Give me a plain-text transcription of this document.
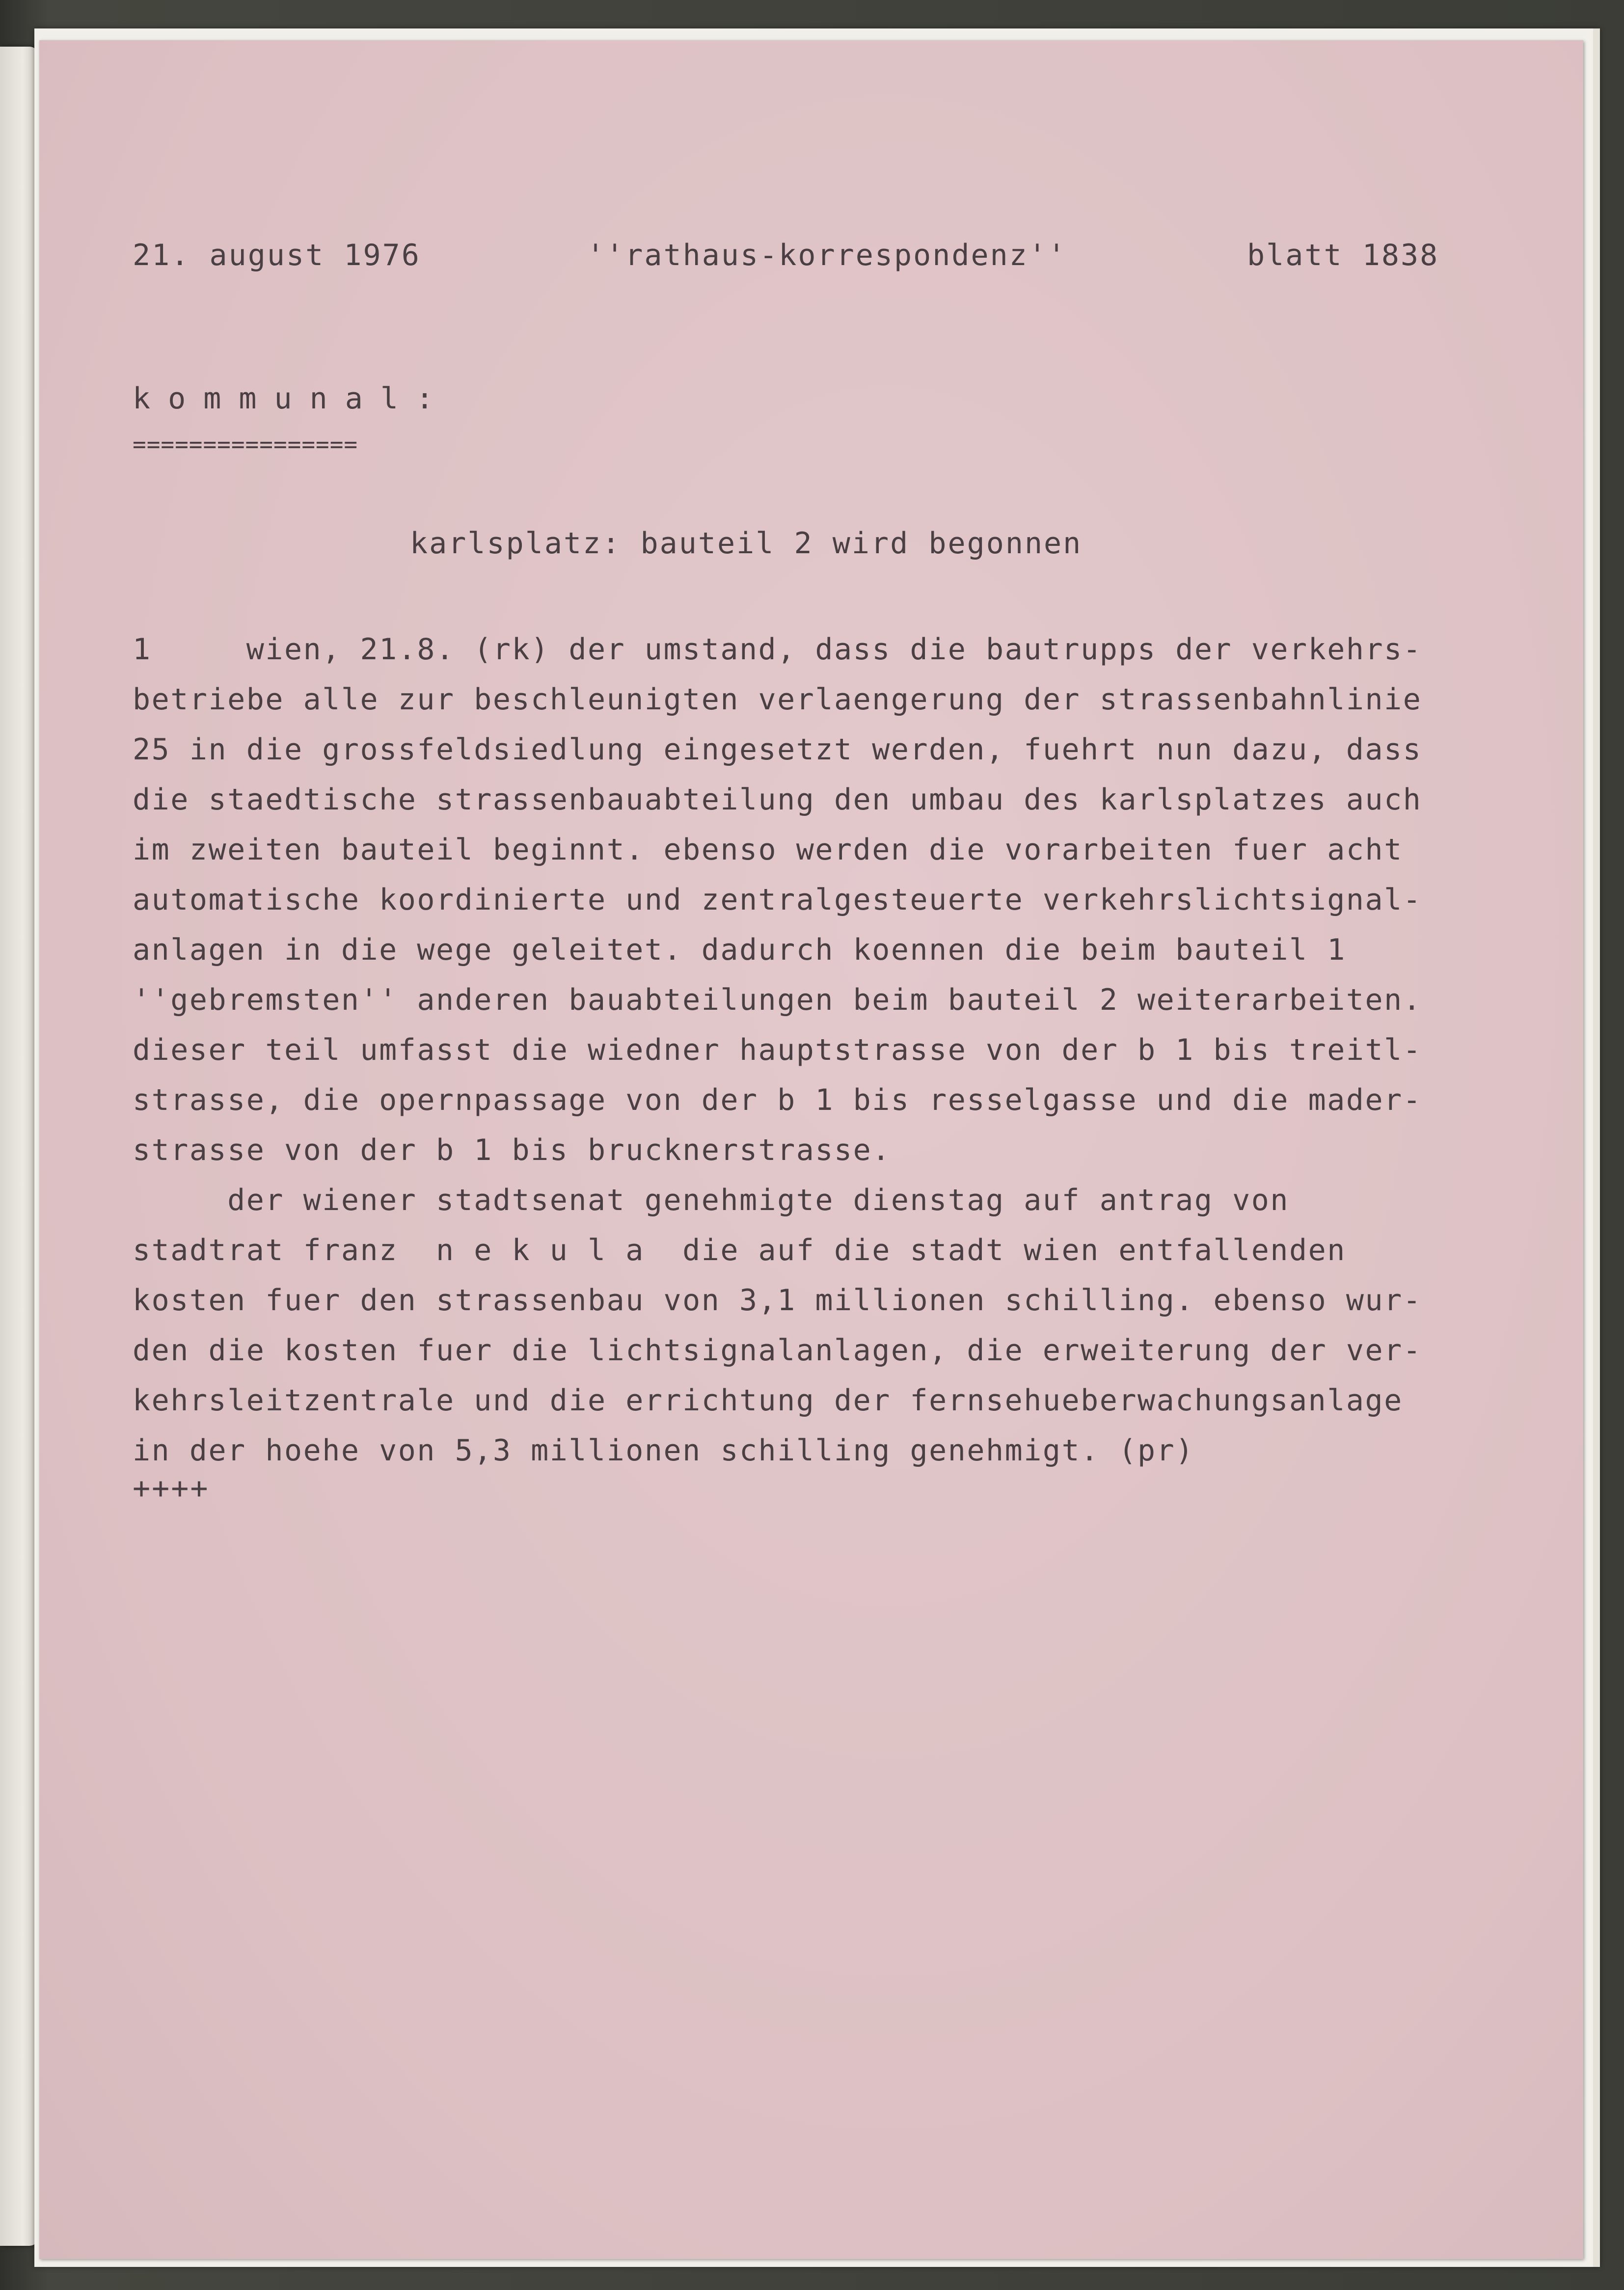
21. august 1976	''rathaus-korrespondenz''	blatt 1838
kommunal:
================
karlsplatz: bauteil 2 wird begonnen
1     wien, 21.8. (rk) der umstand, dass die bautrupps der verkehrs-
betriebe alle zur beschleunigten verlaengerung der strassenbahnlinie
25 in die grossfeldsiedlung eingesetzt werden, fuehrt nun dazu, dass
die staedtische strassenbauabteilung den umbau des karlsplatzes auch
im zweiten bauteil beginnt. ebenso werden die vorarbeiten fuer acht
automatische koordinierte und zentralgesteuerte verkehrslichtsignal-
anlagen in die wege geleitet. dadurch koennen die beim bauteil 1
''gebremsten'' anderen bauabteilungen beim bauteil 2 weiterarbeiten.
dieser teil umfasst die wiedner hauptstrasse von der b 1 bis treitl-
strasse, die opernpassage von der b 1 bis resselgasse und die mader-
strasse von der b 1 bis brucknerstrasse.
der wiener stadtsenat genehmigte dienstag auf antrag von
stadtrat franz  n e k u l a  die auf die stadt wien entfallenden
kosten fuer den strassenbau von 3,1 millionen schilling. ebenso wur-
den die kosten fuer die lichtsignalanlagen, die erweiterung der ver-
kehrsleitzentrale und die errichtung der fernsehueberwachungsanlage
in der hoehe von 5,3 millionen schilling genehmigt. (pr)
++++
